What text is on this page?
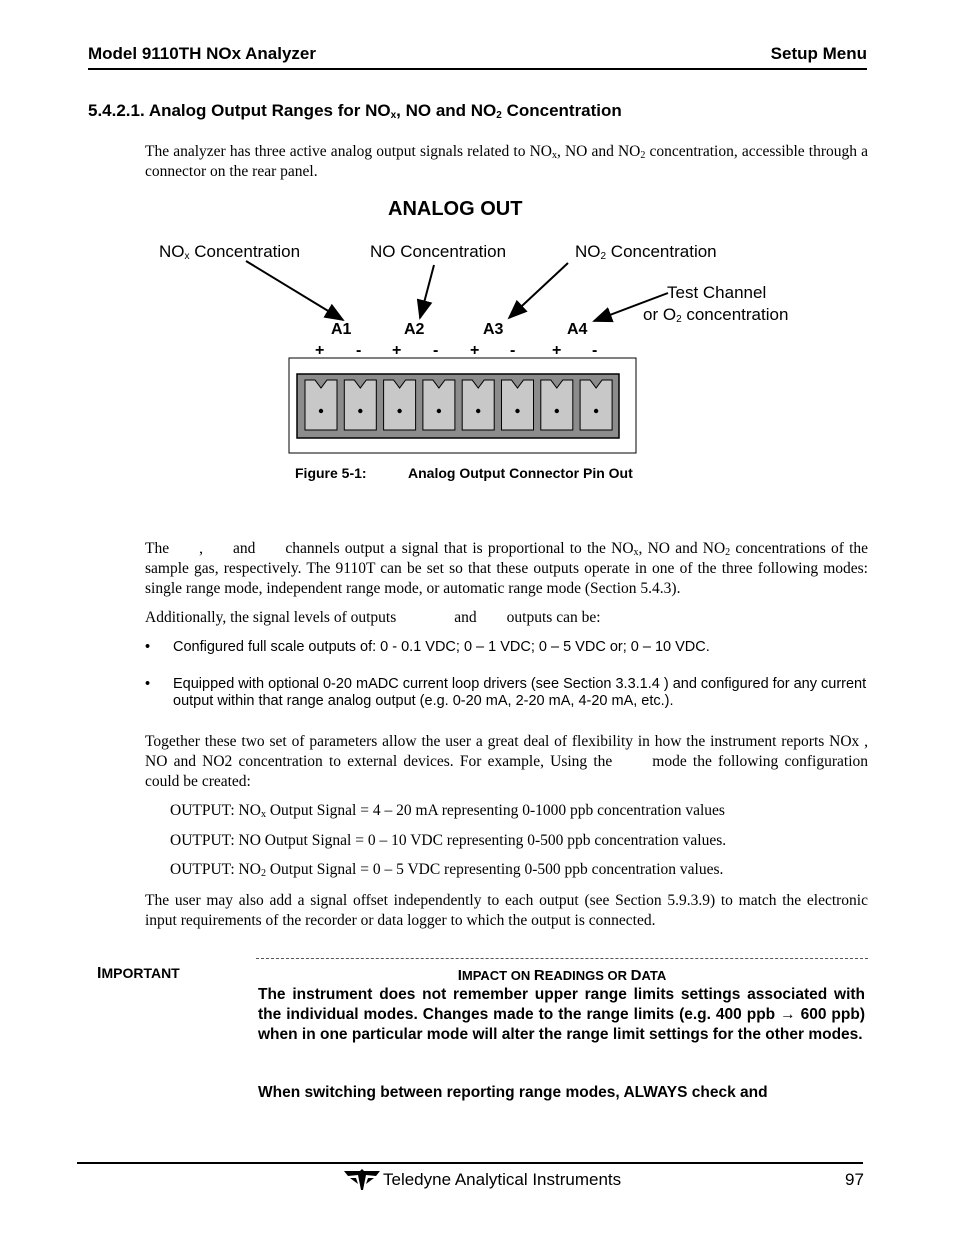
Model 9110TH NOx Analyzer	Setup Menu
5.4.2.1. Analog Output Ranges for $NO_x$, NO and $NO_2$ Concentration
The analyzer has three active analog output signals related to $NO_x$, NO and $NO_2$ concentration, accessible through a connector on the rear panel.
ANALOG OUT
$NO_x$ Concentration	NO Concentration	$NO_2$ Concentration
Test Channel
or $O_2$ concentration
A1	A2	A3	A4
+ - + - + - + -
Figure 5-1:	Analog Output Connector Pin Out
The , and channels output a signal that is proportional to the $NO_x$, NO and $NO_2$ concentrations of the sample gas, respectively. The 9110T can be set so that these outputs operate in one of the three following modes: single range mode, independent range mode, or automatic range mode (Section 5.4.3).
Additionally, the signal levels of outputs	and outputs can be:
• Configured full scale outputs of: 0 - 0.1 VDC; 0 – 1 VDC; 0 – 5 VDC or; 0 – 10 VDC.
• Equipped with optional 0-20 mADC current loop drivers (see Section 3.3.1.4 ) and configured for any current output within that range analog output (e.g. 0-20 mA, 2-20 mA, 4-20 mA, etc.).
Together these two set of parameters allow the user a great deal of flexibility in how the instrument reports NOx , NO and NO2 concentration to external devices. For example, Using the	mode the following configuration could be created:
OUTPUT: $NO_x$ Output Signal = 4 – 20 mA representing 0-1000 ppb concentration values
OUTPUT: NO Output Signal = 0 – 10 VDC representing 0-500 ppb concentration values.
OUTPUT: $NO_2$ Output Signal = 0 – 5 VDC representing 0-500 ppb concentration values.
The user may also add a signal offset independently to each output (see Section 5.9.3.9) to match the electronic input requirements of the recorder or data logger to which the output is connected.
IMPORTANT	IMPACT ON READINGS OR DATA
The instrument does not remember upper range limits settings associated with the individual modes. Changes made to the range limits (e.g. 400 ppb → 600 ppb) when in one particular mode will alter the range limit settings for the other modes.
When switching between reporting range modes, ALWAYS check and
Teledyne Analytical Instruments	97
